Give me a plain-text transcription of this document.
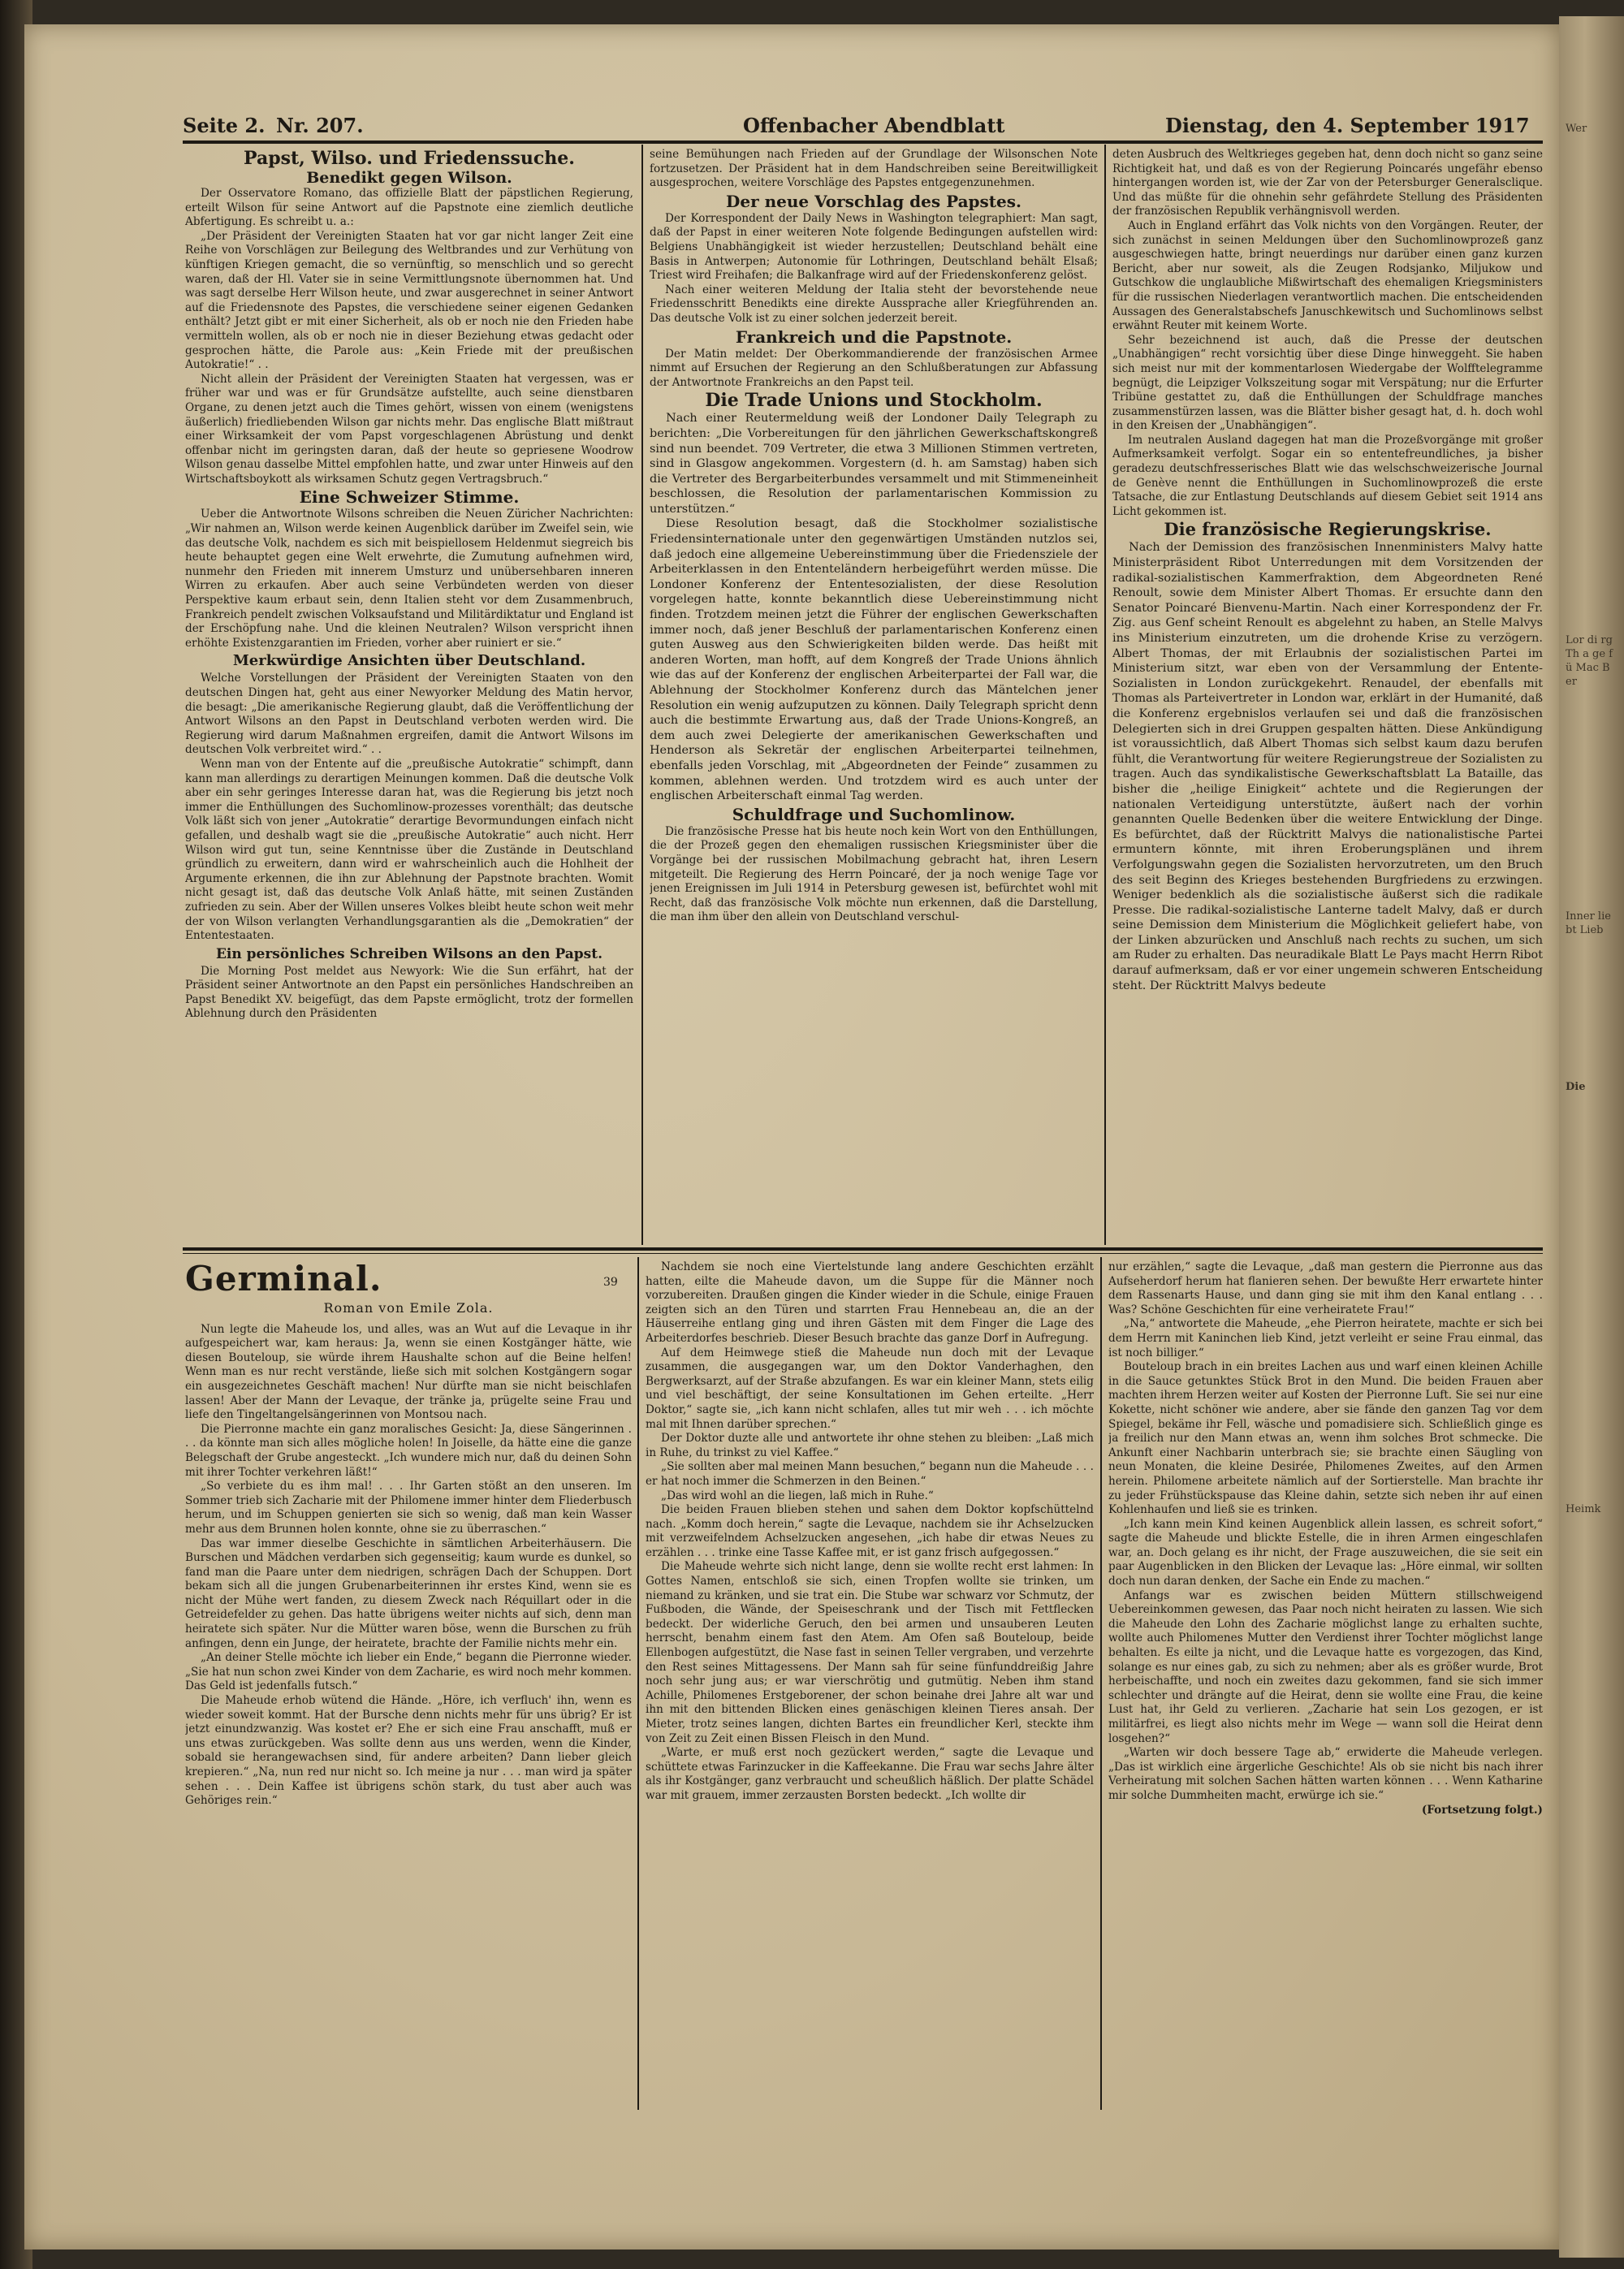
Wer
Lor di rg Th a ge fü Mac Ber
Inner liebt Lieb
Die
Heimk
Seite 2. Nr. 207.	Offenbacher Abendblatt	Dienstag, den 4. September 1917

Papst, Wilso. und Friedenssuche.

Benedikt gegen Wilson.

Der Osservatore Romano, das offizielle Blatt der päpstlichen Regierung, erteilt Wilson für seine Antwort auf die Papstnote eine ziemlich deutliche Abfertigung. Es schreibt u. a.:

„Der Präsident der Vereinigten Staaten hat vor gar nicht langer Zeit eine Reihe von Vorschlägen zur Beilegung des Weltbrandes und zur Verhütung von künftigen Kriegen gemacht, die so vernünftig, so menschlich und so gerecht waren, daß der Hl. Vater sie in seine Vermittlungsnote übernommen hat. Und was sagt derselbe Herr Wilson heute, und zwar ausgerechnet in seiner Antwort auf die Friedensnote des Papstes, die verschiedene seiner eigenen Gedanken enthält? Jetzt gibt er mit einer Sicherheit, als ob er noch nie den Frieden habe vermitteln wollen, als ob er noch nie in dieser Beziehung etwas gedacht oder gesprochen hätte, die Parole aus: „Kein Friede mit der preußischen Autokratie!“ . .

Nicht allein der Präsident der Vereinigten Staaten hat vergessen, was er früher war und was er für Grundsätze aufstellte, auch seine dienstbaren Organe, zu denen jetzt auch die Times gehört, wissen von einem (wenigstens äußerlich) friedliebenden Wilson gar nichts mehr. Das englische Blatt mißtraut einer Wirksamkeit der vom Papst vorgeschlagenen Abrüstung und denkt offenbar nicht im geringsten daran, daß der heute so gepriesene Woodrow Wilson genau dasselbe Mittel empfohlen hatte, und zwar unter Hinweis auf den Wirtschaftsboykott als wirksamen Schutz gegen Vertragsbruch.“

Eine Schweizer Stimme.

Ueber die Antwortnote Wilsons schreiben die Neuen Züricher Nachrichten: „Wir nahmen an, Wilson werde keinen Augenblick darüber im Zweifel sein, wie das deutsche Volk, nachdem es sich mit beispiellosem Heldenmut siegreich bis heute behauptet gegen eine Welt erwehrte, die Zumutung aufnehmen wird, nunmehr den Frieden mit innerem Umsturz und unübersehbaren inneren Wirren zu erkaufen. Aber auch seine Verbündeten werden von dieser Perspektive kaum erbaut sein, denn Italien steht vor dem Zusammenbruch, Frankreich pendelt zwischen Volksaufstand und Militärdiktatur und England ist der Erschöpfung nahe. Und die kleinen Neutralen? Wilson verspricht ihnen erhöhte Existenzgarantien im Frieden, vorher aber ruiniert er sie.“

Merkwürdige Ansichten über Deutschland.

Welche Vorstellungen der Präsident der Vereinigten Staaten von den deutschen Dingen hat, geht aus einer Newyorker Meldung des Matin hervor, die besagt: „Die amerikanische Regierung glaubt, daß die Veröffentlichung der Antwort Wilsons an den Papst in Deutschland verboten werden wird. Die Regierung wird darum Maßnahmen ergreifen, damit die Antwort Wilsons im deutschen Volk verbreitet wird.“ . .

Wenn man von der Entente auf die „preußische Autokratie“ schimpft, dann kann man allerdings zu derartigen Meinungen kommen. Daß die deutsche Volk aber ein sehr geringes Interesse daran hat, was die Regierung bis jetzt noch immer die Enthüllungen des Suchomlinow-prozesses vorenthält; das deutsche Volk läßt sich von jener „Autokratie“ derartige Bevormundungen einfach nicht gefallen, und deshalb wagt sie die „preußische Autokratie“ auch nicht. Herr Wilson wird gut tun, seine Kenntnisse über die Zustände in Deutschland gründlich zu erweitern, dann wird er wahrscheinlich auch die Hohlheit der Argumente erkennen, die ihn zur Ablehnung der Papstnote brachten. Womit nicht gesagt ist, daß das deutsche Volk Anlaß hätte, mit seinen Zuständen zufrieden zu sein. Aber der Willen unseres Volkes bleibt heute schon weit mehr der von Wilson verlangten Verhandlungsgarantien als die „Demokratien“ der Ententestaaten.

Ein persönliches Schreiben Wilsons an den Papst.

Die Morning Post meldet aus Newyork: Wie die Sun erfährt, hat der Präsident seiner Antwortnote an den Papst ein persönliches Handschreiben an Papst Benedikt XV. beigefügt, das dem Papste ermöglicht, trotz der formellen Ablehnung durch den Präsidenten

seine Bemühungen nach Frieden auf der Grundlage der Wilsonschen Note fortzusetzen. Der Präsident hat in dem Handschreiben seine Bereitwilligkeit ausgesprochen, weitere Vorschläge des Papstes entgegenzunehmen.

Der neue Vorschlag des Papstes.

Der Korrespondent der Daily News in Washington telegraphiert: Man sagt, daß der Papst in einer weiteren Note folgende Bedingungen aufstellen wird: Belgiens Unabhängigkeit ist wieder herzustellen; Deutschland behält eine Basis in Antwerpen; Autonomie für Lothringen, Deutschland behält Elsaß; Triest wird Freihafen; die Balkanfrage wird auf der Friedenskonferenz gelöst.

Nach einer weiteren Meldung der Italia steht der bevorstehende neue Friedensschritt Benedikts eine direkte Aussprache aller Kriegführenden an. Das deutsche Volk ist zu einer solchen jederzeit bereit.

Frankreich und die Papstnote.

Der Matin meldet: Der Oberkommandierende der französischen Armee nimmt auf Ersuchen der Regierung an den Schlußberatungen zur Abfassung der Antwortnote Frankreichs an den Papst teil.

Die Trade Unions und Stockholm.

Nach einer Reutermeldung weiß der Londoner Daily Telegraph zu berichten: „Die Vorbereitungen für den jährlichen Gewerkschaftskongreß sind nun beendet. 709 Vertreter, die etwa 3 Millionen Stimmen vertreten, sind in Glasgow angekommen. Vorgestern (d. h. am Samstag) haben sich die Vertreter des Bergarbeiterbundes versammelt und mit Stimmeneinheit beschlossen, die Resolution der parlamentarischen Kommission zu unterstützen.“

Diese Resolution besagt, daß die Stockholmer sozialistische Friedensinternationale unter den gegenwärtigen Umständen nutzlos sei, daß jedoch eine allgemeine Uebereinstimmung über die Friedensziele der Arbeiterklassen in den Ententeländern herbeigeführt werden müsse. Die Londoner Konferenz der Ententesozialisten, der diese Resolution vorgelegen hatte, konnte bekanntlich diese Uebereinstimmung nicht finden. Trotzdem meinen jetzt die Führer der englischen Gewerkschaften immer noch, daß jener Beschluß der parlamentarischen Konferenz einen guten Ausweg aus den Schwierigkeiten bilden werde. Das heißt mit anderen Worten, man hofft, auf dem Kongreß der Trade Unions ähnlich wie das auf der Konferenz der englischen Arbeiterpartei der Fall war, die Ablehnung der Stockholmer Konferenz durch das Mäntelchen jener Resolution ein wenig aufzuputzen zu können. Daily Telegraph spricht denn auch die bestimmte Erwartung aus, daß der Trade Unions-Kongreß, an dem auch zwei Delegierte der amerikanischen Gewerkschaften und Henderson als Sekretär der englischen Arbeiterpartei teilnehmen, ebenfalls jeden Vorschlag, mit „Abgeordneten der Feinde“ zusammen zu kommen, ablehnen werden. Und trotzdem wird es auch unter der englischen Arbeiterschaft einmal Tag werden.

Schuldfrage und Suchomlinow.

Die französische Presse hat bis heute noch kein Wort von den Enthüllungen, die der Prozeß gegen den ehemaligen russischen Kriegsminister über die Vorgänge bei der russischen Mobilmachung gebracht hat, ihren Lesern mitgeteilt. Die Regierung des Herrn Poincaré, der ja noch wenige Tage vor jenen Ereignissen im Juli 1914 in Petersburg gewesen ist, befürchtet wohl mit Recht, daß das französische Volk möchte nun erkennen, daß die Darstellung, die man ihm über den allein von Deutschland verschul-

deten Ausbruch des Weltkrieges gegeben hat, denn doch nicht so ganz seine Richtigkeit hat, und daß es von der Regierung Poincarés ungefähr ebenso hintergangen worden ist, wie der Zar von der Petersburger Generalsclique. Und das müßte für die ohnehin sehr gefährdete Stellung des Präsidenten der französischen Republik verhängnisvoll werden.

Auch in England erfährt das Volk nichts von den Vorgängen. Reuter, der sich zunächst in seinen Meldungen über den Suchomlinowprozeß ganz ausgeschwiegen hatte, bringt neuerdings nur darüber einen ganz kurzen Bericht, aber nur soweit, als die Zeugen Rodsjanko, Miljukow und Gutschkow die unglaubliche Mißwirtschaft des ehemaligen Kriegsministers für die russischen Niederlagen verantwortlich machen. Die entscheidenden Aussagen des Generalstabschefs Januschkewitsch und Suchomlinows selbst erwähnt Reuter mit keinem Worte.

Sehr bezeichnend ist auch, daß die Presse der deutschen „Unabhängigen“ recht vorsichtig über diese Dinge hinweggeht. Sie haben sich meist nur mit der kommentarlosen Wiedergabe der Wolfftelegramme begnügt, die Leipziger Volkszeitung sogar mit Verspätung; nur die Erfurter Tribüne gestattet zu, daß die Enthüllungen der Schuldfrage manches zusammenstürzen lassen, was die Blätter bisher gesagt hat, d. h. doch wohl in den Kreisen der „Unabhängigen“.

Im neutralen Ausland dagegen hat man die Prozeßvorgänge mit großer Aufmerksamkeit verfolgt. Sogar ein so ententefreundliches, ja bisher geradezu deutschfresserisches Blatt wie das welschschweizerische Journal de Genève nennt die Enthüllungen in Suchomlinowprozeß die erste Tatsache, die zur Entlastung Deutschlands auf diesem Gebiet seit 1914 ans Licht gekommen ist.

Die französische Regierungskrise.

Nach der Demission des französischen Innenministers Malvy hatte Ministerpräsident Ribot Unterredungen mit dem Vorsitzenden der radikal-sozialistischen Kammerfraktion, dem Abgeordneten René Renoult, sowie dem Minister Albert Thomas. Er ersuchte dann den Senator Poincaré Bienvenu-Martin. Nach einer Korrespondenz der Fr. Zig. aus Genf scheint Renoult es abgelehnt zu haben, an Stelle Malvys ins Ministerium einzutreten, um die drohende Krise zu verzögern. Albert Thomas, der mit Erlaubnis der sozialistischen Partei im Ministerium sitzt, war eben von der Versammlung der Entente-Sozialisten in London zurückgekehrt. Renaudel, der ebenfalls mit Thomas als Parteivertreter in London war, erklärt in der Humanité, daß die Konferenz ergebnislos verlaufen sei und daß die französischen Delegierten sich in drei Gruppen gespalten hätten. Diese Ankündigung ist voraussichtlich, daß Albert Thomas sich selbst kaum dazu berufen fühlt, die Verantwortung für weitere Regierungstreue der Sozialisten zu tragen. Auch das syndikalistische Gewerkschaftsblatt La Bataille, das bisher die „heilige Einigkeit“ achtete und die Regierungen der nationalen Verteidigung unterstützte, äußert nach der vorhin genannten Quelle Bedenken über die weitere Entwicklung der Dinge. Es befürchtet, daß der Rücktritt Malvys die nationalistische Partei ermuntern könnte, mit ihren Eroberungsplänen und ihrem Verfolgungswahn gegen die Sozialisten hervorzutreten, um den Bruch des seit Beginn des Krieges bestehenden Burgfriedens zu erzwingen. Weniger bedenklich als die sozialistische äußerst sich die radikale Presse. Die radikal-sozialistische Lanterne tadelt Malvy, daß er durch seine Demission dem Ministerium die Möglichkeit geliefert habe, von der Linken abzurücken und Anschluß nach rechts zu suchen, um sich am Ruder zu erhalten. Das neuradikale Blatt Le Pays macht Herrn Ribot darauf aufmerksam, daß er vor einer ungemein schweren Entscheidung steht. Der Rücktritt Malvys bedeute

Germinal.	39
Roman von Emile Zola.

Nun legte die Maheude los, und alles, was an Wut auf die Levaque in ihr aufgespeichert war, kam heraus: Ja, wenn sie einen Kostgänger hätte, wie diesen Bouteloup, sie würde ihrem Haushalte schon auf die Beine helfen! Wenn man es nur recht verstände, ließe sich mit solchen Kostgängern sogar ein ausgezeichnetes Geschäft machen! Nur dürfte man sie nicht beischlafen lassen! Aber der Mann der Levaque, der tränke ja, prügelte seine Frau und liefe den Tingeltangelsängerinnen von Montsou nach.

Die Pierronne machte ein ganz moralisches Gesicht: Ja, diese Sängerinnen . . . da könnte man sich alles mögliche holen! In Joiselle, da hätte eine die ganze Belegschaft der Grube angesteckt. „Ich wundere mich nur, daß du deinen Sohn mit ihrer Tochter verkehren läßt!“

„So verbiete du es ihm mal! . . . Ihr Garten stößt an den unseren. Im Sommer trieb sich Zacharie mit der Philomene immer hinter dem Fliederbusch herum, und im Schuppen genierten sie sich so wenig, daß man kein Wasser mehr aus dem Brunnen holen konnte, ohne sie zu überraschen.“

Das war immer dieselbe Geschichte in sämtlichen Arbeiterhäusern. Die Burschen und Mädchen verdarben sich gegenseitig; kaum wurde es dunkel, so fand man die Paare unter dem niedrigen, schrägen Dach der Schuppen. Dort bekam sich all die jungen Grubenarbeiterinnen ihr erstes Kind, wenn sie es nicht der Mühe wert fanden, zu diesem Zweck nach Réquillart oder in die Getreidefelder zu gehen. Das hatte übrigens weiter nichts auf sich, denn man heiratete sich später. Nur die Mütter waren böse, wenn die Burschen zu früh anfingen, denn ein Junge, der heiratete, brachte der Familie nichts mehr ein.

„An deiner Stelle möchte ich lieber ein Ende,“ begann die Pierronne wieder. „Sie hat nun schon zwei Kinder von dem Zacharie, es wird noch mehr kommen. Das Geld ist jedenfalls futsch.“

Die Maheude erhob wütend die Hände. „Höre, ich verfluch' ihn, wenn es wieder soweit kommt. Hat der Bursche denn nichts mehr für uns übrig? Er ist jetzt einundzwanzig. Was kostet er? Ehe er sich eine Frau anschafft, muß er uns etwas zurückgeben. Was sollte denn aus uns werden, wenn die Kinder, sobald sie herangewachsen sind, für andere arbeiten? Dann lieber gleich krepieren.“ „Na, nun red nur nicht so. Ich meine ja nur . . . man wird ja später sehen . . . Dein Kaffee ist übrigens schön stark, du tust aber auch was Gehöriges rein.“

Nachdem sie noch eine Viertelstunde lang andere Geschichten erzählt hatten, eilte die Maheude davon, um die Suppe für die Männer noch vorzubereiten. Draußen gingen die Kinder wieder in die Schule, einige Frauen zeigten sich an den Türen und starrten Frau Hennebeau an, die an der Häuserreihe entlang ging und ihren Gästen mit dem Finger die Lage des Arbeiterdorfes beschrieb. Dieser Besuch brachte das ganze Dorf in Aufregung.

Auf dem Heimwege stieß die Maheude nun doch mit der Levaque zusammen, die ausgegangen war, um den Doktor Vanderhaghen, den Bergwerksarzt, auf der Straße abzufangen. Es war ein kleiner Mann, stets eilig und viel beschäftigt, der seine Konsultationen im Gehen erteilte. „Herr Doktor,“ sagte sie, „ich kann nicht schlafen, alles tut mir weh . . . ich möchte mal mit Ihnen darüber sprechen.“

Der Doktor duzte alle und antwortete ihr ohne stehen zu bleiben: „Laß mich in Ruhe, du trinkst zu viel Kaffee.“

„Sie sollten aber mal meinen Mann besuchen,“ begann nun die Maheude . . . er hat noch immer die Schmerzen in den Beinen.“

„Das wird wohl an die liegen, laß mich in Ruhe.“

Die beiden Frauen blieben stehen und sahen dem Doktor kopfschüttelnd nach. „Komm doch herein,“ sagte die Levaque, nachdem sie ihr Achselzucken mit verzweifelndem Achselzucken angesehen, „ich habe dir etwas Neues zu erzählen . . . trinke eine Tasse Kaffee mit, er ist ganz frisch aufgegossen.“

Die Maheude wehrte sich nicht lange, denn sie wollte recht erst lahmen: In Gottes Namen, entschloß sie sich, einen Tropfen wollte sie trinken, um niemand zu kränken, und sie trat ein. Die Stube war schwarz vor Schmutz, der Fußboden, die Wände, der Speiseschrank und der Tisch mit Fettflecken bedeckt. Der widerliche Geruch, den bei armen und unsauberen Leuten herrscht, benahm einem fast den Atem. Am Ofen saß Bouteloup, beide Ellenbogen aufgestützt, die Nase fast in seinen Teller vergraben, und verzehrte den Rest seines Mittagessens. Der Mann sah für seine fünfunddreißig Jahre noch sehr jung aus; er war vierschrötig und gutmütig. Neben ihm stand Achille, Philomenes Erstgeborener, der schon beinahe drei Jahre alt war und ihn mit den bittenden Blicken eines genäschigen kleinen Tieres ansah. Der Mieter, trotz seines langen, dichten Bartes ein freundlicher Kerl, steckte ihm von Zeit zu Zeit einen Bissen Fleisch in den Mund.

„Warte, er muß erst noch gezückert werden,“ sagte die Levaque und schüttete etwas Farinzucker in die Kaffeekanne. Die Frau war sechs Jahre älter als ihr Kostgänger, ganz verbraucht und scheußlich häßlich. Der platte Schädel war mit grauem, immer zerzausten Borsten bedeckt. „Ich wollte dir

nur erzählen,“ sagte die Levaque, „daß man gestern die Pierronne aus das Aufseherdorf herum hat flanieren sehen. Der bewußte Herr erwartete hinter dem Rassenarts Hause, und dann ging sie mit ihm den Kanal entlang . . . Was? Schöne Geschichten für eine verheiratete Frau!“

„Na,“ antwortete die Maheude, „ehe Pierron heiratete, machte er sich bei dem Herrn mit Kaninchen lieb Kind, jetzt verleiht er seine Frau einmal, das ist noch billiger.“

Bouteloup brach in ein breites Lachen aus und warf einen kleinen Achille in die Sauce getunktes Stück Brot in den Mund. Die beiden Frauen aber machten ihrem Herzen weiter auf Kosten der Pierronne Luft. Sie sei nur eine Kokette, nicht schöner wie andere, aber sie fände den ganzen Tag vor dem Spiegel, bekäme ihr Fell, wäsche und pomadisiere sich. Schließlich ginge es ja freilich nur den Mann etwas an, wenn ihm solches Brot schmecke. Die Ankunft einer Nachbarin unterbrach sie; sie brachte einen Säugling von neun Monaten, die kleine Desirée, Philomenes Zweites, auf den Armen herein. Philomene arbeitete nämlich auf der Sortierstelle. Man brachte ihr zu jeder Frühstückspause das Kleine dahin, setzte sich neben ihr auf einen Kohlenhaufen und ließ sie es trinken.

„Ich kann mein Kind keinen Augenblick allein lassen, es schreit sofort,“ sagte die Maheude und blickte Estelle, die in ihren Armen eingeschlafen war, an. Doch gelang es ihr nicht, der Frage auszuweichen, die sie seit ein paar Augenblicken in den Blicken der Levaque las: „Höre einmal, wir sollten doch nun daran denken, der Sache ein Ende zu machen.“

Anfangs war es zwischen beiden Müttern stillschweigend Uebereinkommen gewesen, das Paar noch nicht heiraten zu lassen. Wie sich die Maheude den Lohn des Zacharie möglichst lange zu erhalten suchte, wollte auch Philomenes Mutter den Verdienst ihrer Tochter möglichst lange behalten. Es eilte ja nicht, und die Levaque hatte es vorgezogen, das Kind, solange es nur eines gab, zu sich zu nehmen; aber als es größer wurde, Brot herbeischaffte, und noch ein zweites dazu gekommen, fand sie sich immer schlechter und drängte auf die Heirat, denn sie wollte eine Frau, die keine Lust hat, ihr Geld zu verlieren. „Zacharie hat sein Los gezogen, er ist militärfrei, es liegt also nichts mehr im Wege — wann soll die Heirat denn losgehen?“

„Warten wir doch bessere Tage ab,“ erwiderte die Maheude verlegen. „Das ist wirklich eine ärgerliche Geschichte! Als ob sie nicht bis nach ihrer Verheiratung mit solchen Sachen hätten warten können . . . Wenn Katharine mir solche Dummheiten macht, erwürge ich sie.“

(Fortsetzung folgt.)
